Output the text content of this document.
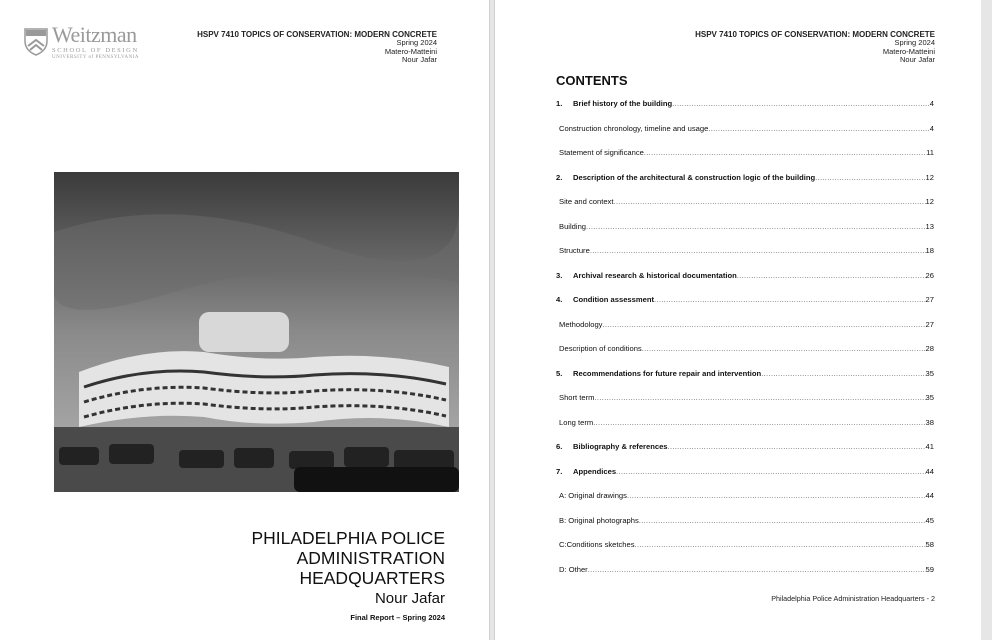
Weitzman
SCHOOL OF DESIGN
UNIVERSITY of PENNSYLVANIA
HSPV 7410 TOPICS OF CONSERVATION: MODERN CONCRETE
Spring 2024
Matero-Matteini
Nour Jafar
PHILADELPHIA POLICE
ADMINISTRATION
HEADQUARTERS
Nour Jafar
Final Report – Spring 2024
HSPV 7410 TOPICS OF CONSERVATION: MODERN CONCRETE
Spring 2024
Matero-Matteini
Nour Jafar
CONTENTS
1.	Brief history of the building .....	4
Construction chronology, timeline and usage .....	4
Statement of significance .....	11
2.	Description of the architectural & construction logic of the building .....	12
Site and context .....	12
Building .....	13
Structure .....	18
3.	Archival research & historical documentation .....	26
4.	Condition assessment .....	27
Methodology .....	27
Description of conditions .....	28
5.	Recommendations for future repair and intervention .....	35
Short term .....	35
Long term .....	38
6.	Bibliography & references .....	41
7.	Appendices .....	44
A: Original drawings .....	44
B: Original photographs .....	45
C:Conditions sketches .....	58
D: Other .....	59
Philadelphia Police Administration Headquarters - 2
